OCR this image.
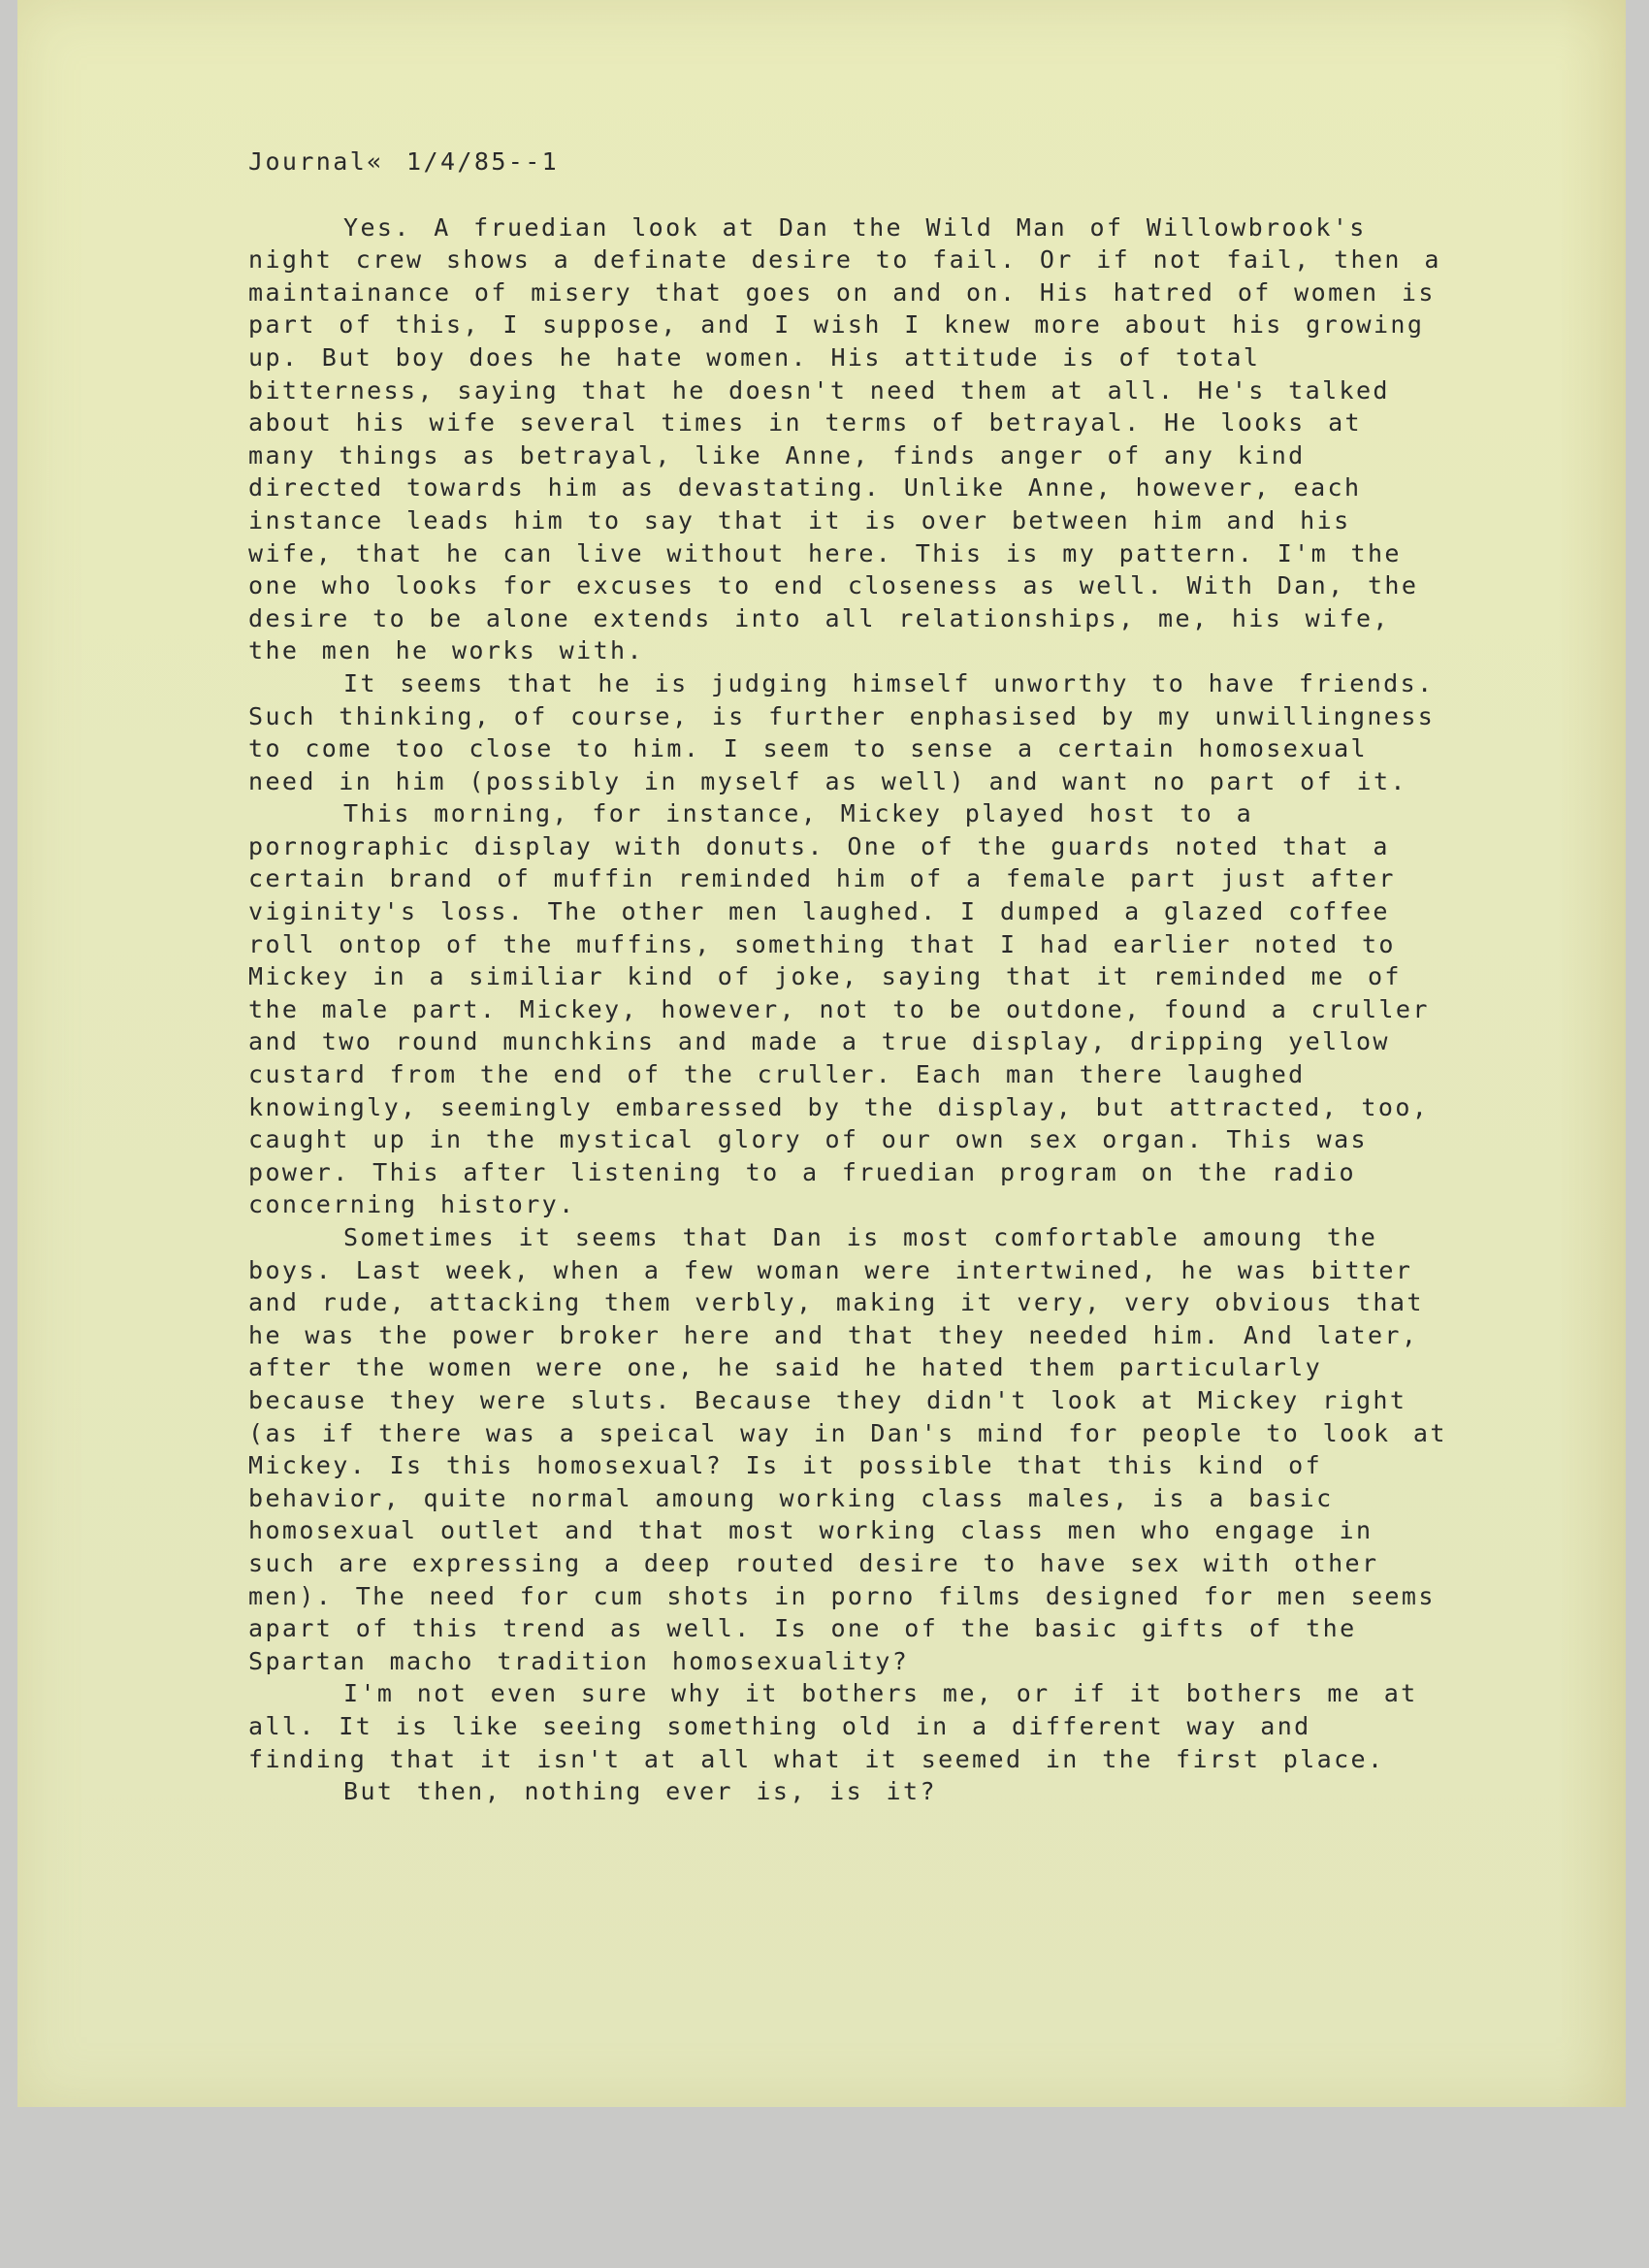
Journal« 1/4/85--1

Yes. A fruedian look at Dan the Wild Man of Willowbrook's night crew shows a definate desire to fail. Or if not fail, then a maintainance of misery that goes on and on. His hatred of women is part of this, I suppose, and I wish I knew more about his growing up. But boy does he hate women. His attitude is of total bitterness, saying that he doesn't need them at all. He's talked about his wife several times in terms of betrayal. He looks at many things as betrayal, like Anne, finds anger of any kind directed towards him as devastating. Unlike Anne, however, each instance leads him to say that it is over between him and his wife, that he can live without here. This is my pattern. I'm the one who looks for excuses to end closeness as well. With Dan, the desire to be alone extends into all relationships, me, his wife, the men he works with.

It seems that he is judging himself unworthy to have friends. Such thinking, of course, is further enphasised by my unwillingness to come too close to him. I seem to sense a certain homosexual need in him (possibly in myself as well) and want no part of it.

This morning, for instance, Mickey played host to a pornographic display with donuts. One of the guards noted that a certain brand of muffin reminded him of a female part just after viginity's loss. The other men laughed. I dumped a glazed coffee roll ontop of the muffins, something that I had earlier noted to Mickey in a similiar kind of joke, saying that it reminded me of the male part. Mickey, however, not to be outdone, found a cruller and two round munchkins and made a true display, dripping yellow custard from the end of the cruller. Each man there laughed knowingly, seemingly embaressed by the display, but attracted, too, caught up in the mystical glory of our own sex organ. This was power. This after listening to a fruedian program on the radio concerning history.

Sometimes it seems that Dan is most comfortable amoung the boys. Last week, when a few woman were intertwined, he was bitter and rude, attacking them verbly, making it very, very obvious that he was the power broker here and that they needed him. And later, after the women were one, he said he hated them particularly because they were sluts. Because they didn't look at Mickey right (as if there was a speical way in Dan's mind for people to look at Mickey. Is this homosexual? Is it possible that this kind of behavior, quite normal amoung working class males, is a basic homosexual outlet and that most working class men who engage in such are expressing a deep routed desire to have sex with other men). The need for cum shots in porno films designed for men seems apart of this trend as well. Is one of the basic gifts of the Spartan macho tradition homosexuality?

I'm not even sure why it bothers me, or if it bothers me at all. It is like seeing something old in a different way and finding that it isn't at all what it seemed in the first place.

But then, nothing ever is, is it?
